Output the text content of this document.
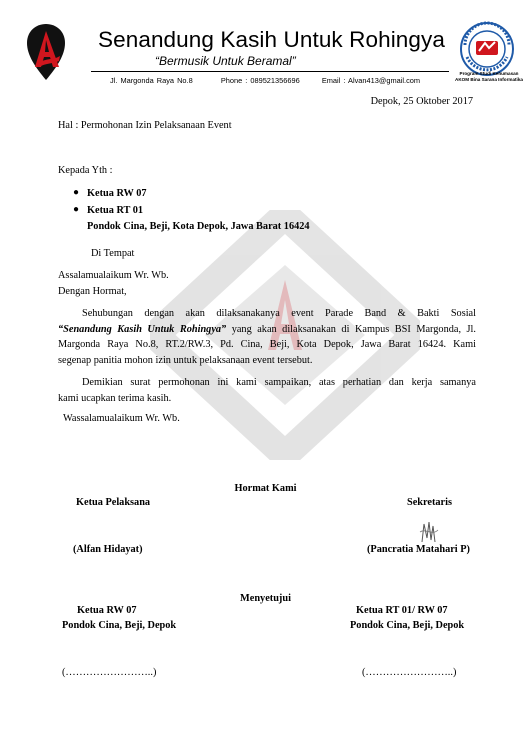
Senandung Kasih Untuk Rohingya
“Bermusik Untuk Beramal”
Jl. Margonda Raya No.8	Phone : 089521356696	Email : Alvan413@gmail.com
Program Studi Kehumasan
AKOM Bina Sarana Informatika
Depok, 25 Oktober 2017
Hal : Permohonan Izin Pelaksanaan Event
Kepada Yth :
● Ketua RW 07
● Ketua RT 01
Pondok Cina, Beji, Kota Depok, Jawa Barat 16424
Di Tempat
Assalamualaikum Wr. Wb.
Dengan Hormat,
Sehubungan dengan akan dilaksanakanya event Parade Band & Bakti Sosial
“Senandung Kasih Untuk Rohingya” yang akan dilaksanakan di Kampus BSI Margonda, Jl.
Margonda Raya No.8, RT.2/RW.3, Pd. Cina, Beji, Kota Depok, Jawa Barat 16424. Kami
segenap panitia mohon izin untuk pelaksanaan event tersebut.
Demikian surat permohonan ini kami sampaikan, atas perhatian dan kerja samanya
kami ucapkan terima kasih.
Wassalamualaikum Wr. Wb.
Hormat Kami
Ketua Pelaksana	Sekretaris
(Alfan Hidayat)	(Pancratia Matahari P)
Menyetujui
Ketua RW 07
Pondok Cina, Beji, Depok
Ketua RT 01/ RW 07
Pondok Cina, Beji, Depok
(……………………..)	(……………………..)
